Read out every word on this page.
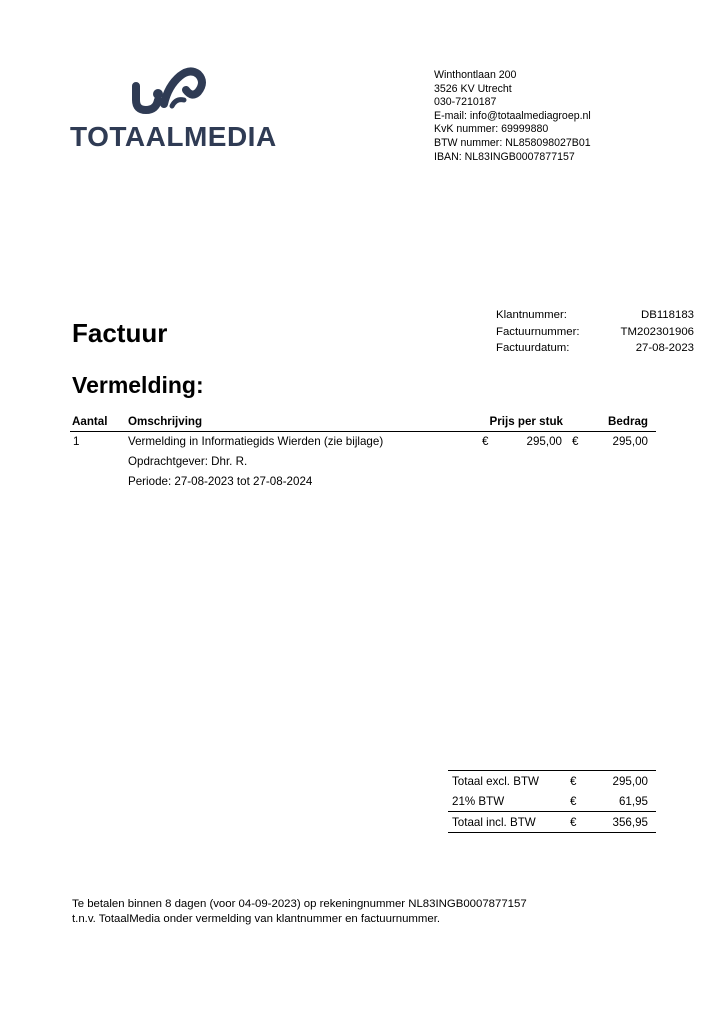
TOTAALMEDIA
Winthontlaan 200
3526 KV Utrecht
030-7210187
E-mail: info@totaalmediagroep.nl
KvK nummer: 69999880
BTW nummer: NL858098027B01
IBAN: NL83INGB0007877157
Klantnummer:	DB118183
Factuurnummer:	TM202301906
Factuurdatum:	27-08-2023
Factuur
Vermelding:
Aantal Omschrijving	Prijs per stuk	Bedrag
1	Vermelding in Informatiegids Wierden (zie bijlage)	€	295,00 €	295,00
Opdrachtgever: Dhr. R.
Periode: 27-08-2023 tot 27-08-2024
Totaal excl. BTW	€	295,00
21% BTW	€	61,95
Totaal incl. BTW	€	356,95
Te betalen binnen 8 dagen (voor 04-09-2023) op rekeningnummer NL83INGB0007877157
t.n.v. TotaalMedia onder vermelding van klantnummer en factuurnummer.
